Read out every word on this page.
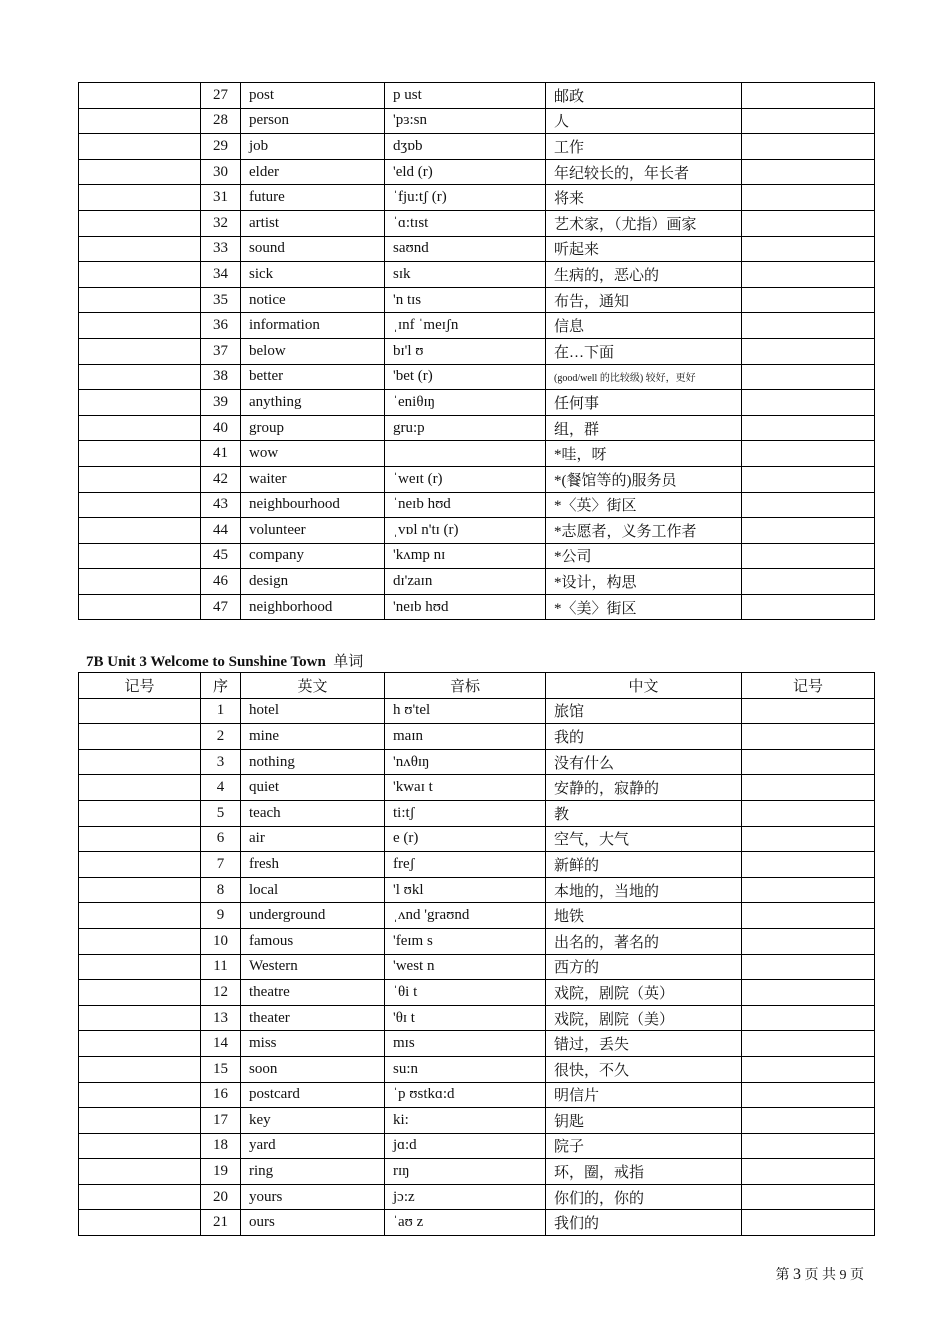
	27	post	p ust	邮政	
	28	person	'pɜ:sn	人	
	29	job	dʒɒb	工作	
	30	elder	'eld (r)	年纪较长的，年长者	
	31	future	ˈfju:tʃ (r)	将来	
	32	artist	ˈɑ:tɪst	艺术家，（尤指）画家	
	33	sound	saʊnd	听起来	
	34	sick	sɪk	生病的，恶心的	
	35	notice	'n tɪs	布告，通知	
	36	information	ˌɪnf ˈmeɪʃn	信息	
	37	below	bɪ'l ʊ	在…下面	
	38	better	'bet (r)	(good/well 的比较级) 较好，更好	
	39	anything	ˈeniθɪŋ	任何事	
	40	group	gru:p	组，群	
	41	wow		*哇，呀	
	42	waiter	ˈweɪt (r)	*(餐馆等的)服务员	
	43	neighbourhood	ˈneɪb hʊd	*〈英〉街区	
	44	volunteer	ˌvɒl n'tɪ (r)	*志愿者，义务工作者	
	45	company	'kʌmp nɪ	*公司	
	46	design	dɪ'zaɪn	*设计，构思	
	47	neighborhood	'neɪb hʊd	*〈美〉街区	
7B Unit 3 Welcome to Sunshine Town 单词
记号	序	英文	音标	中文	记号
	1	hotel	h ʊ'tel	旅馆	
	2	mine	maɪn	我的	
	3	nothing	'nʌθɪŋ	没有什么	
	4	quiet	'kwaɪ t	安静的，寂静的	
	5	teach	ti:tʃ	教	
	6	air	e (r)	空气，大气	
	7	fresh	freʃ	新鲜的	
	8	local	'l ʊkl	本地的，当地的	
	9	underground	ˌʌnd 'graʊnd	地铁	
	10	famous	'feɪm s	出名的，著名的	
	11	Western	'west n	西方的	
	12	theatre	ˈθi t	戏院，剧院（英）	
	13	theater	'θɪ t	戏院，剧院（美）	
	14	miss	mɪs	错过，丢失	
	15	soon	su:n	很快，不久	
	16	postcard	ˈp ʊstkɑ:d	明信片	
	17	key	ki:	钥匙	
	18	yard	jɑ:d	院子	
	19	ring	rɪŋ	环，圈，戒指	
	20	yours	jɔ:z	你们的，你的	
	21	ours	ˈaʊ z	我们的	
第 3 页 共 9 页
